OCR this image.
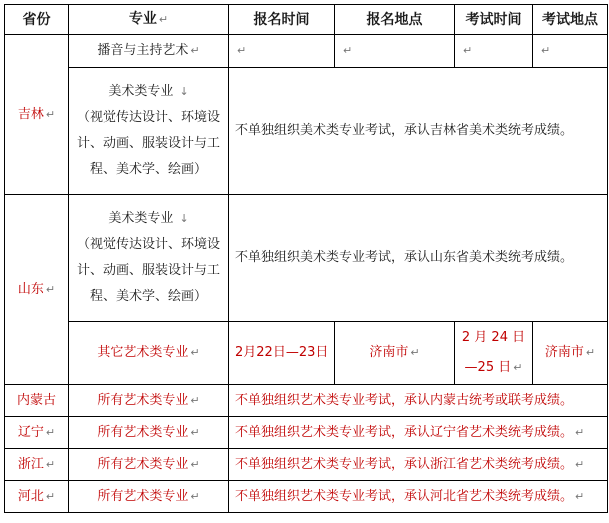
省份	专业 ↵	报名时间	报名地点	考试时间	考试地点
吉林 ↵	播音与主持艺术 ↵	↵	↵	↵	↵

	美术类专业 ↓
（视觉传达设计、环境设计、动画、服装设计与工程、美术学、绘画）	不单独组织美术类专业考试，承认吉林省美术类统考成绩。			
山东 ↵	美术类专业 ↓
（视觉传达设计、环境设计、动画、服装设计与工程、美术学、绘画）	不单独组织美术类专业考试，承认山东省美术类统考成绩。			
	其它艺术类专业 ↵	2月22日—23日	济南市 ↵	2 月 24 日
—25 日 ↵	济南市 ↵
内蒙古	所有艺术类专业 ↵	不单独组织艺术类专业考试，承认内蒙古统考或联考成绩。			
辽宁 ↵	所有艺术类专业 ↵	不单独组织艺术类专业考试，承认辽宁省艺术类统考成绩。 ↵			
浙江 ↵	所有艺术类专业 ↵	不单独组织艺术类专业考试，承认浙江省艺术类统考成绩。 ↵			
河北 ↵	所有艺术类专业 ↵	不单独组织艺术类专业考试，承认河北省艺术类统考成绩。 ↵			
